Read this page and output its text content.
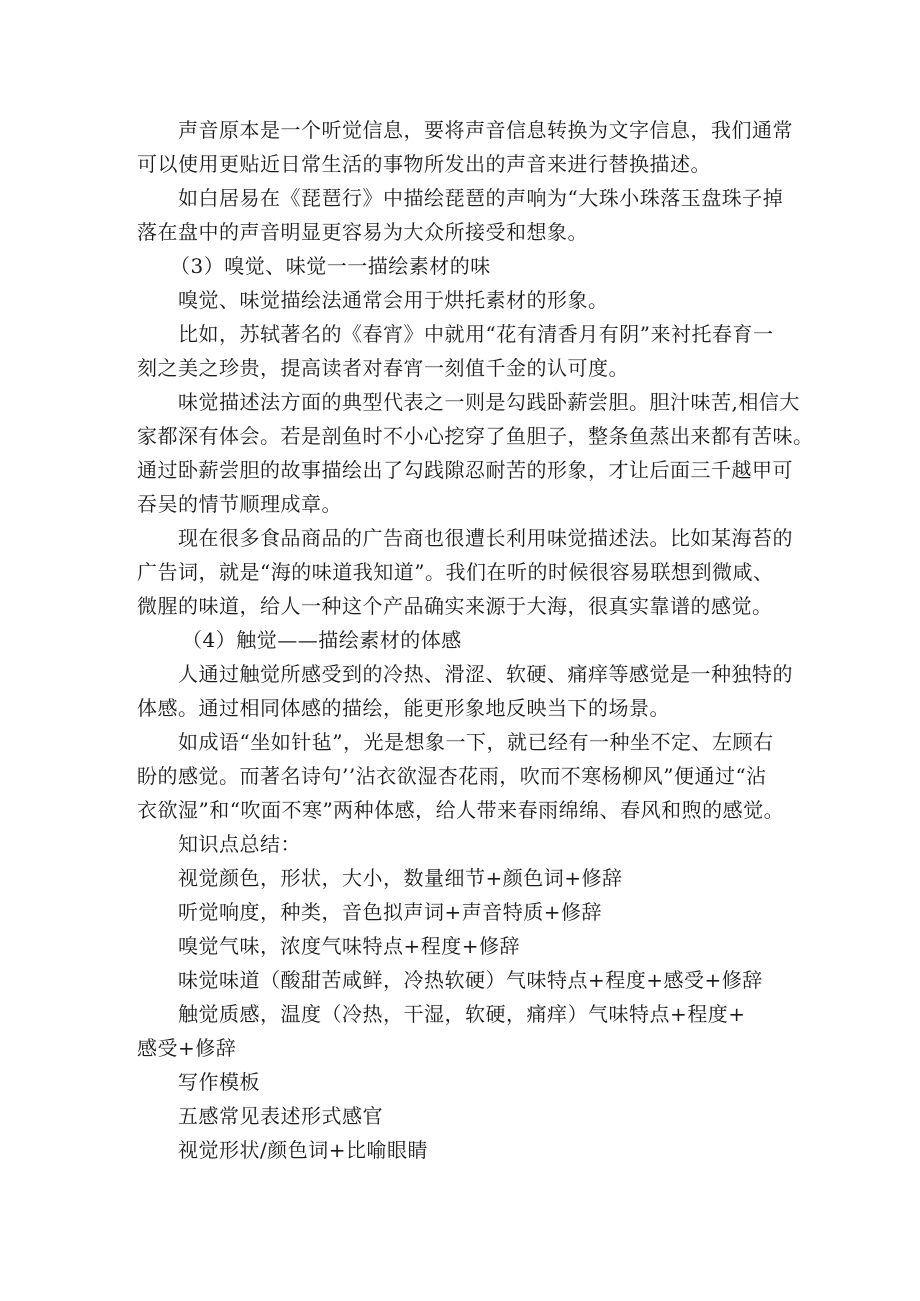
声音原本是一个听觉信息，要将声音信息转换为文字信息，我们通常
可以使用更贴近日常生活的事物所发出的声音来进行替换描述。
如白居易在《琵琶行》中描绘琵琶的声响为“大珠小珠落玉盘珠子掉
落在盘中的声音明显更容易为大众所接受和想象。
（3）嗅觉、味觉一一描绘素材的味
嗅觉、味觉描绘法通常会用于烘托素材的形象。
比如，苏轼著名的《春宵》中就用“花有清香月有阴”来衬托春育一
刻之美之珍贵，提高读者对春宵一刻值千金的认可度。
味觉描述法方面的典型代表之一则是勾践卧薪尝胆。胆汁味苦,相信大
家都深有体会。若是剖鱼时不小心挖穿了鱼胆子，整条鱼蒸出来都有苦味。
通过卧薪尝胆的故事描绘出了勾践隙忍耐苦的形象，才让后面三千越甲可
吞吴的情节顺理成章。
现在很多食品商品的广告商也很遭长利用味觉描述法。比如某海苔的
广告词，就是“海的味道我知道”。我们在听的时候很容易联想到微咸、
微腥的味道，给人一种这个产品确实来源于大海，很真实靠谱的感觉。
（4）触觉——描绘素材的体感
人通过触觉所感受到的冷热、滑涩、软硬、痛痒等感觉是一种独特的
体感。通过相同体感的描绘，能更形象地反映当下的场景。
如成语“坐如针毡”，光是想象一下，就已经有一种坐不定、左顾右
盼的感觉。而著名诗句’’沾衣欲湿杏花雨，吹而不寒杨柳风”便通过“沾
衣欲湿”和“吹面不寒”两种体感，给人带来春雨绵绵、春风和煦的感觉。
知识点总结：
视觉颜色，形状，大小，数量细节+颜色词+修辞
听觉响度，种类，音色拟声词+声音特质+修辞
嗅觉气味，浓度气味特点+程度+修辞
味觉味道（酸甜苦咸鲜，冷热软硬）气味特点+程度+感受+修辞
触觉质感，温度（冷热，干湿，软硬，痛痒）气味特点+程度+
感受+修辞
写作模板
五感常见表述形式感官
视觉形状/颜色词+比喻眼睛
